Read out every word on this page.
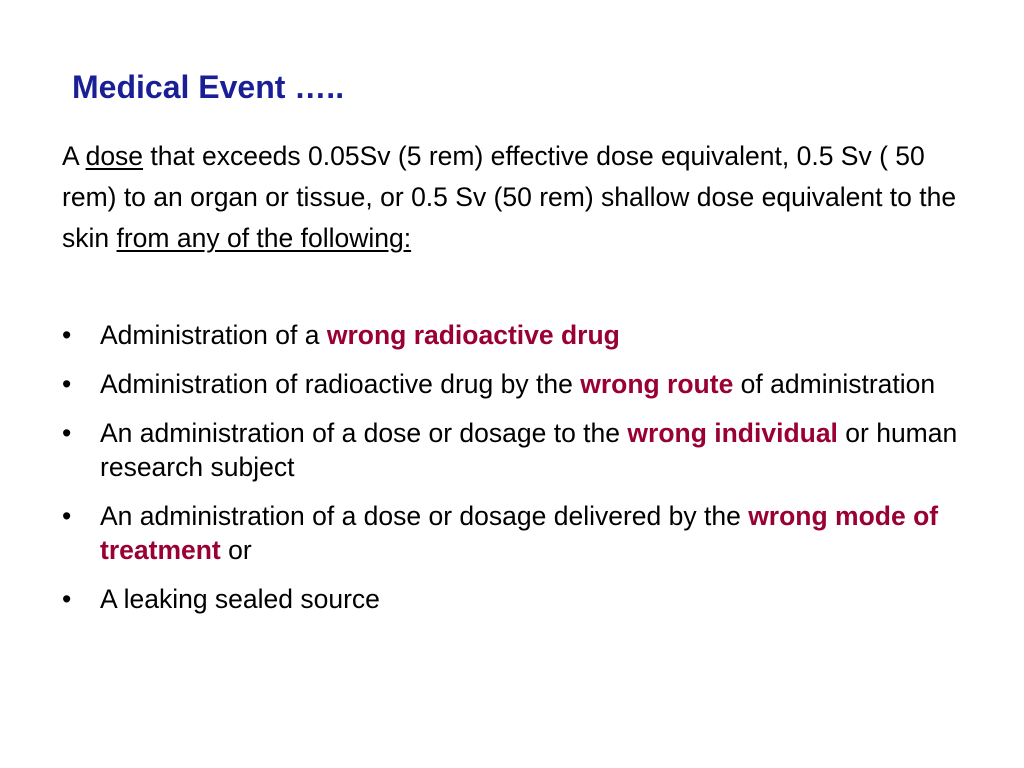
Medical Event …..

A dose that exceeds 0.05Sv (5 rem) effective dose equivalent, 0.5 Sv ( 50 rem) to an organ or tissue, or 0.5 Sv (50 rem) shallow dose equivalent to the skin from any of the following:

• Administration of a wrong radioactive drug
• Administration of radioactive drug by the wrong route of administration
• An administration of a dose or dosage to the wrong individual or human research subject
• An administration of a dose or dosage delivered by the wrong mode of treatment or
• A leaking sealed source
